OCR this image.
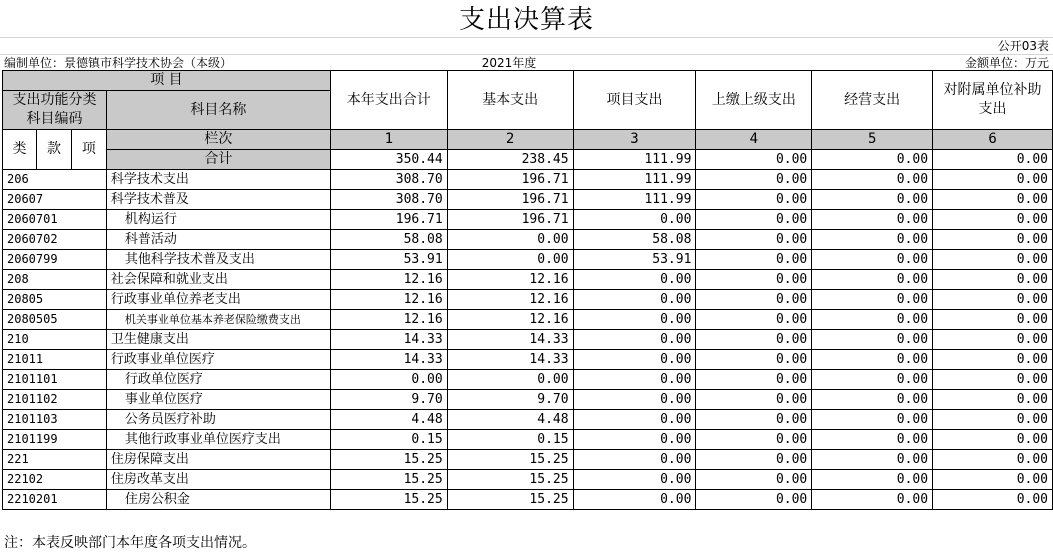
支出决算表
公开03表
编制单位：景德镇市科学技术协会（本级）	2021年度	金额单位：万元
项 目				本年支出合计	基本支出	项目支出	上缴上级支出	经营支出	对附属单位补助支出
支出功能分类科目编码			科目名称						

类	款	项	栏次	1	2	3	4	5	6
			合计	350.44	238.45	111.99	0.00	0.00	0.00
206			科学技术支出	308.70	196.71	111.99	0.00	0.00	0.00
20607			科学技术普及	308.70	196.71	111.99	0.00	0.00	0.00
2060701			机构运行	196.71	196.71	0.00	0.00	0.00	0.00
2060702			科普活动	58.08	0.00	58.08	0.00	0.00	0.00
2060799			其他科学技术普及支出	53.91	0.00	53.91	0.00	0.00	0.00
208			社会保障和就业支出	12.16	12.16	0.00	0.00	0.00	0.00
20805			行政事业单位养老支出	12.16	12.16	0.00	0.00	0.00	0.00
2080505			机关事业单位基本养老保险缴费支出	12.16	12.16	0.00	0.00	0.00	0.00
210			卫生健康支出	14.33	14.33	0.00	0.00	0.00	0.00
21011			行政事业单位医疗	14.33	14.33	0.00	0.00	0.00	0.00
2101101			行政单位医疗	0.00	0.00	0.00	0.00	0.00	0.00
2101102			事业单位医疗	9.70	9.70	0.00	0.00	0.00	0.00
2101103			公务员医疗补助	4.48	4.48	0.00	0.00	0.00	0.00
2101199			其他行政事业单位医疗支出	0.15	0.15	0.00	0.00	0.00	0.00
221			住房保障支出	15.25	15.25	0.00	0.00	0.00	0.00
22102			住房改革支出	15.25	15.25	0.00	0.00	0.00	0.00
2210201			住房公积金	15.25	15.25	0.00	0.00	0.00	0.00
注：本表反映部门本年度各项支出情况。
